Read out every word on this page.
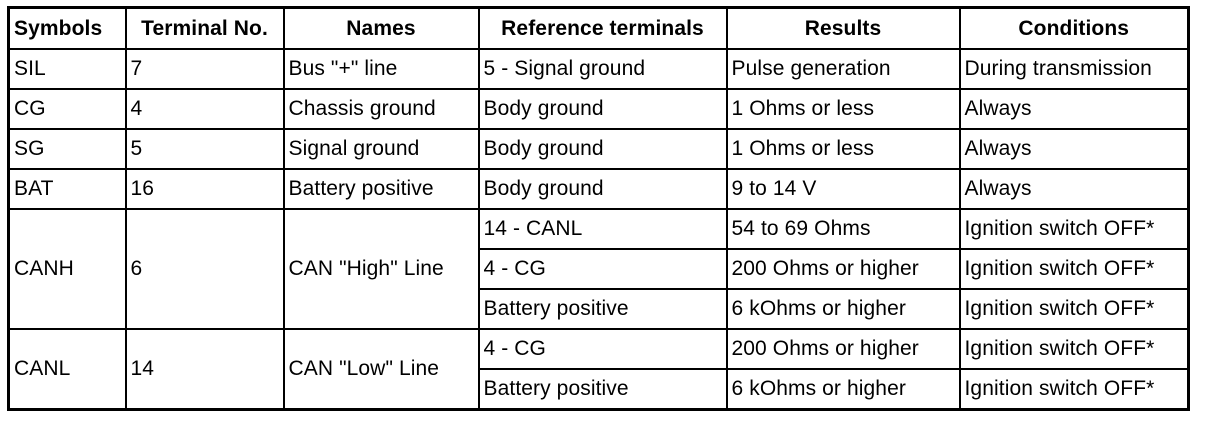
Symbols	Terminal No.	Names	Reference terminals	Results	Conditions
SIL	7	Bus "+" line	5 - Signal ground	Pulse generation	During transmission
CG	4	Chassis ground	Body ground	1 Ohms or less	Always
SG	5	Signal ground	Body ground	1 Ohms or less	Always
BAT	16	Battery positive	Body ground	9 to 14 V	Always
CANH	6	CAN "High" Line	14 - CANL	54 to 69 Ohms	Ignition switch OFF*
			4 - CG	200 Ohms or higher	Ignition switch OFF*
			Battery positive	6 kOhms or higher	Ignition switch OFF*
CANL	14	CAN "Low" Line	4 - CG	200 Ohms or higher	Ignition switch OFF*
			Battery positive	6 kOhms or higher	Ignition switch OFF*
